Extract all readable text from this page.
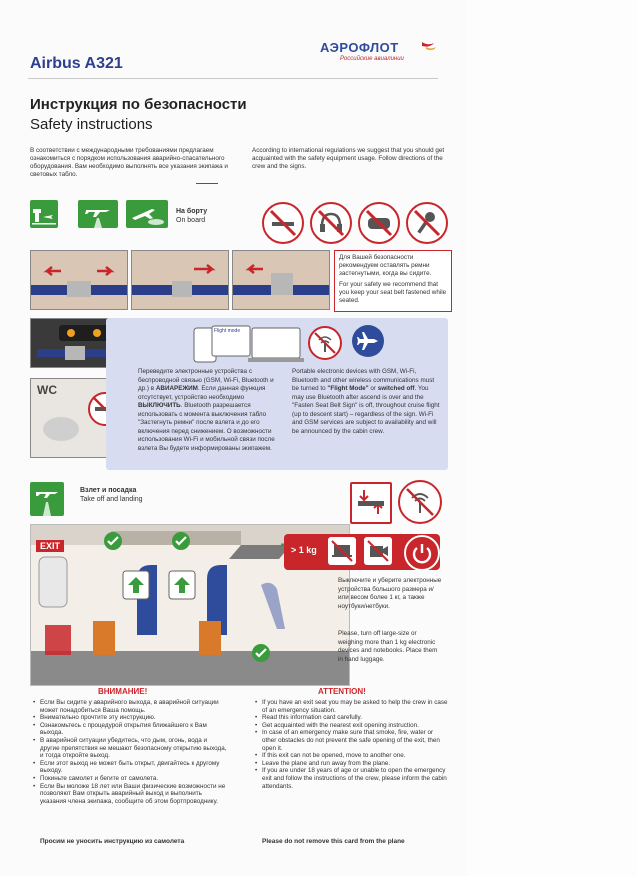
Airbus A321
АЭРОФЛОТ
Российские авиалинии
Инструкция по безопасности
Safety instructions
В соответствии с международными требованиями предлагаем ознакомиться с порядком использования аварийно-спасательного оборудования. Вам необходимо выполнять все указания экипажа и световых табло.
According to international regulations we suggest that you should get acquainted with the safety equipment usage. Follow directions of the crew and the signs.
На борту
On board
Для Вашей безопасности рекомендуем оставлять ремни застегнутыми, когда вы сидите.
For your safety we recommend that you keep your seat belt fastened while seated.
WC
Flight mode
Переведите электронные устройства с беспроводной связью (GSM, Wi-Fi, Bluetooth и др.) в АВИАРЕЖИМ. Если данная функция отсутствует, устройство необходимо ВЫКЛЮЧИТЬ. Bluetooth разрешается использовать с момента выключения табло "Застегнуть ремни" после взлета и до его включения перед снижением. О возможности использования Wi-Fi и мобильной связи после взлета Вы будете информированы экипажем.
Portable electronic devices with GSM, Wi-Fi, Bluetooth and other wireless communications must be turned to "Flight Mode" or switched off. You may use Bluetooth after ascend is over and the "Fasten Seat Belt Sign" is off, throughout cruise flight (up to descent start) – regardless of the sign. Wi-Fi and GSM services are subject to availability and will be announced by the cabin crew.
Взлет и посадка
Take off and landing
EXIT	> 1 kg
Выключите и уберите электронные устройства большого размера и/или весом более 1 кг, а также ноутбуки/нетбуки.
Please, turn off large-size or weighing more than 1 kg electronic devices and notebooks. Place them in hand luggage.
ВНИМАНИЕ!	ATTENTION!
• Если Вы сидите у аварийного выхода, в аварийной ситуации может понадобиться Ваша помощь.
• Внимательно прочтите эту инструкцию.
• Ознакомьтесь с процедурой открытия ближайшего к Вам выхода.
• В аварийной ситуации убедитесь, что дым, огонь, вода и другие препятствия не мешают безопасному открытию выхода, и тогда откройте выход.
• Если этот выход не может быть открыт, двигайтесь к другому выходу.
• Покиньте самолет и бегите от самолета.
• Если Вы моложе 18 лет или Ваши физические возможности не позволяют Вам открыть аварийный выход и выполнить указания члена экипажа, сообщите об этом бортпроводнику.
• If you have an exit seat you may be asked to help the crew in case of an emergency situation.
• Read this information card carefully.
• Get acquainted with the nearest exit opening instruction.
• In case of an emergency make sure that smoke, fire, water or other obstacles do not prevent the safe opening of the exit, then open it.
• If this exit can not be opened, move to another one.
• Leave the plane and run away from the plane.
• If you are under 18 years of age or unable to open the emergency exit and follow the instructions of the crew, please inform the cabin attendants.
Просим не уносить инструкцию из самолета	Please do not remove this card from the plane
